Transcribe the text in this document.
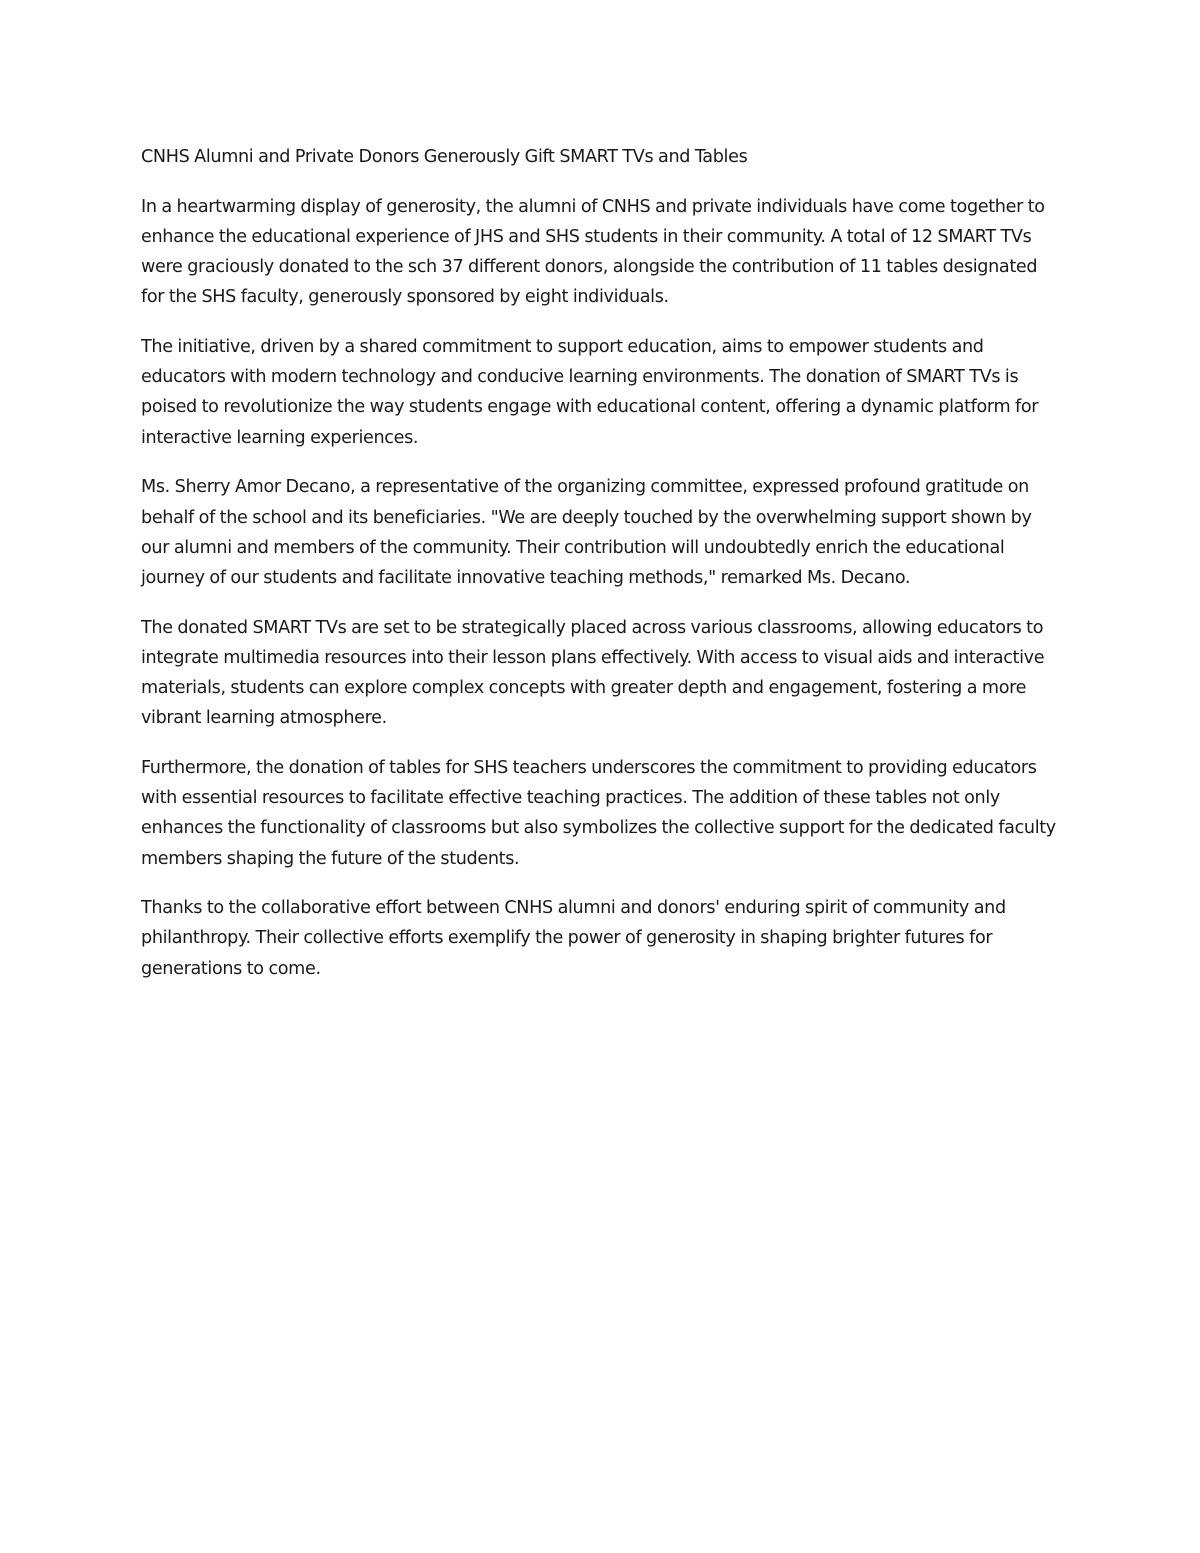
CNHS Alumni and Private Donors Generously Gift SMART TVs and Tables

In a heartwarming display of generosity, the alumni of CNHS and private individuals have come together to enhance the educational experience of JHS and SHS students in their community. A total of 12 SMART TVs were graciously donated to the sch 37 different donors, alongside the contribution of 11 tables designated for the SHS faculty, generously sponsored by eight individuals.

The initiative, driven by a shared commitment to support education, aims to empower students and educators with modern technology and conducive learning environments. The donation of SMART TVs is poised to revolutionize the way students engage with educational content, offering a dynamic platform for interactive learning experiences.

Ms. Sherry Amor Decano, a representative of the organizing committee, expressed profound gratitude on behalf of the school and its beneficiaries. "We are deeply touched by the overwhelming support shown by our alumni and members of the community. Their contribution will undoubtedly enrich the educational journey of our students and facilitate innovative teaching methods," remarked Ms. Decano.

The donated SMART TVs are set to be strategically placed across various classrooms, allowing educators to integrate multimedia resources into their lesson plans effectively. With access to visual aids and interactive materials, students can explore complex concepts with greater depth and engagement, fostering a more vibrant learning atmosphere.

Furthermore, the donation of tables for SHS teachers underscores the commitment to providing educators with essential resources to facilitate effective teaching practices. The addition of these tables not only enhances the functionality of classrooms but also symbolizes the collective support for the dedicated faculty members shaping the future of the students.

Thanks to the collaborative effort between CNHS alumni and donors' enduring spirit of community and philanthropy. Their collective efforts exemplify the power of generosity in shaping brighter futures for generations to come.
